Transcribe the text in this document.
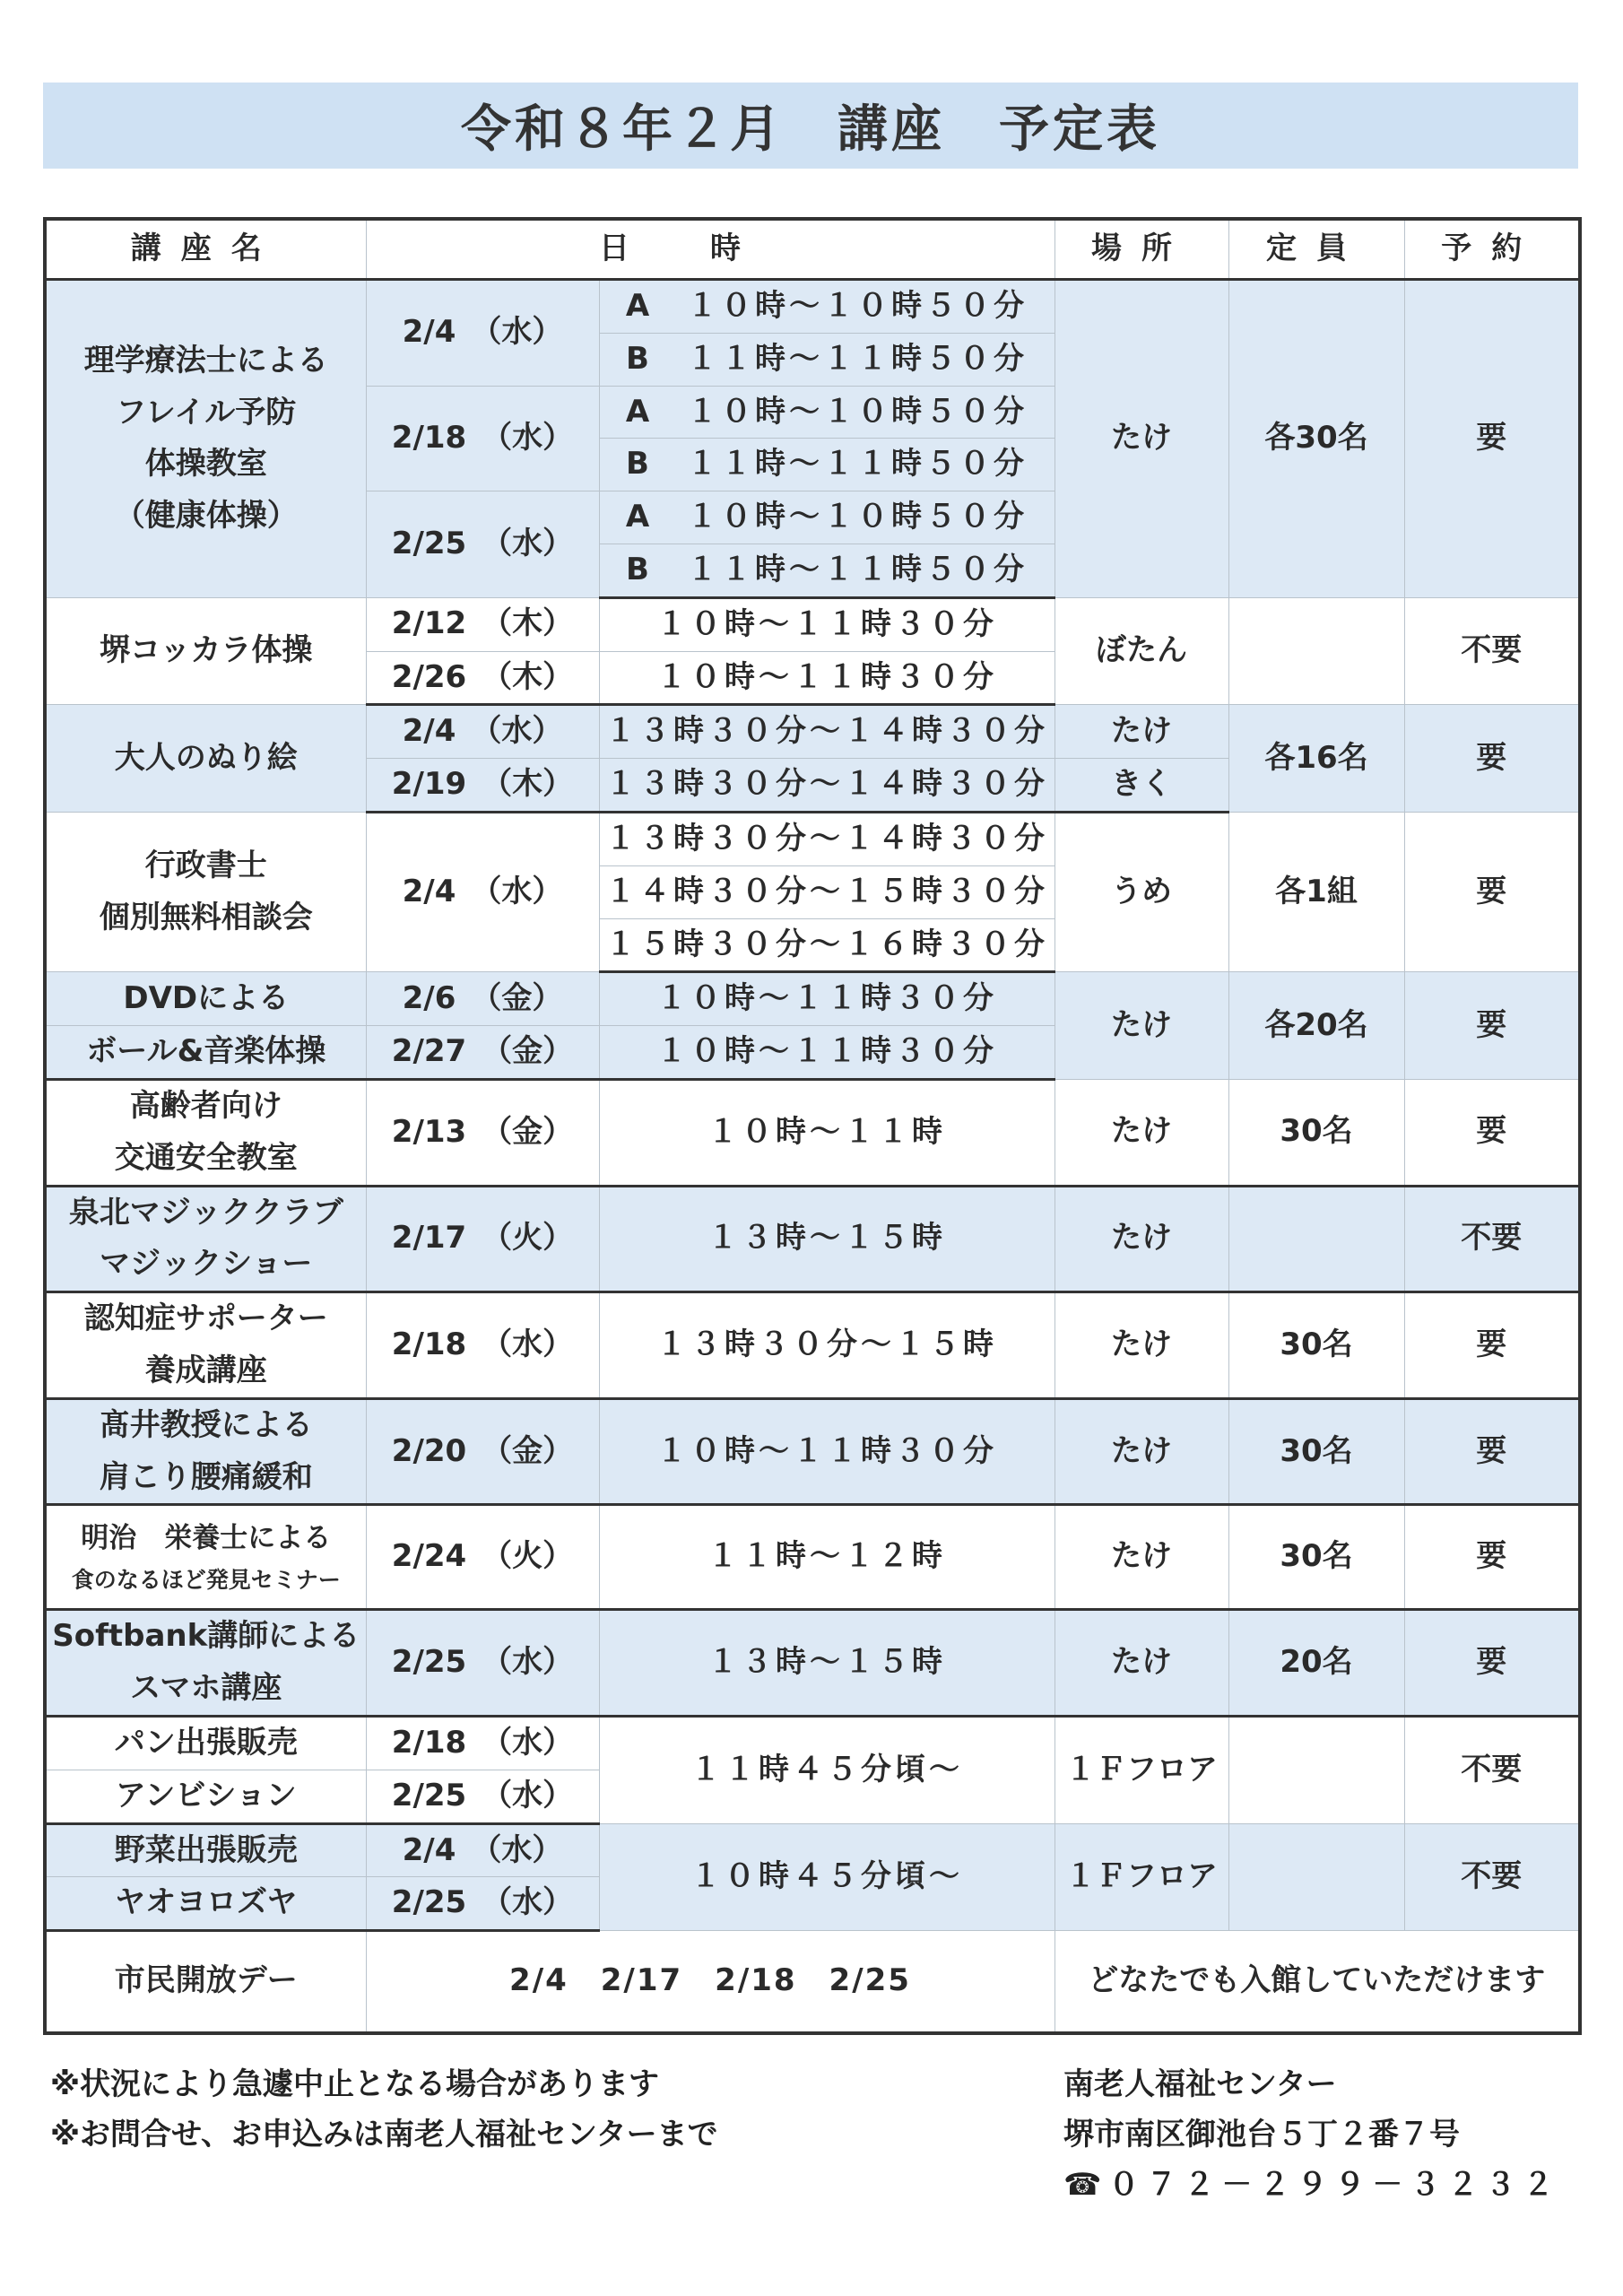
令和８年２月　講座　予定表
講座名	日時		場所	定員	予約

理学療法士による
フレイル予防
体操教室
（健康体操）	2/4　（水）	A　１０時～１０時５０分	たけ	各30名	要
		B　１１時～１１時５０分			
	2/18　（水）	A　１０時～１０時５０分			
		B　１１時～１１時５０分			
	2/25　（水）	A　１０時～１０時５０分			
		B　１１時～１１時５０分			
堺コッカラ体操	2/12　（木）	１０時～１１時３０分	ぼたん		不要
	2/26　（木）	１０時～１１時３０分			
大人のぬり絵	2/4　（水）	１３時３０分～１４時３０分	たけ	各16名	要
	2/19　（木）	１３時３０分～１４時３０分	きく		

行政書士
個別無料相談会	2/4　（水）	１３時３０分～１４時３０分	うめ	各1組	要
		１４時３０分～１５時３０分			
		１５時３０分～１６時３０分			
DVDによる	2/6　（金）	１０時～１１時３０分	たけ	各20名	要
ボール&音楽体操	2/27　（金）	１０時～１１時３０分			

高齢者向け
交通安全教室	2/13　（金）	１０時～１１時	たけ	30名	要

泉北マジッククラブ
マジックショー	2/17　（火）	１３時～１５時	たけ		不要

認知症サポーター
養成講座	2/18　（水）	１３時３０分～１５時	たけ	30名	要

髙井教授による
肩こり腰痛緩和	2/20　（金）	１０時～１１時３０分	たけ	30名	要

明治　栄養士による
食のなるほど発見セミナー	2/24　（火）	１１時～１２時	たけ	30名	要

Softbank講師による
スマホ講座	2/25　（水）	１３時～１５時	たけ	20名	要
パン出張販売	2/18　（水）	１１時４５分頃～	１Ｆフロア		不要
アンビション	2/25　（水）				
野菜出張販売	2/4　（水）	１０時４５分頃～	１Ｆフロア		不要
ヤオヨロズヤ	2/25　（水）				
市民開放デー	2/4　2/17　2/18　2/25		どなたでも入館していただけます		
※状況により急遽中止となる場合があります
※お問合せ、お申込みは南老人福祉センターまで
南老人福祉センター
堺市南区御池台５丁２番７号
☎０７２－２９９－３２３２
